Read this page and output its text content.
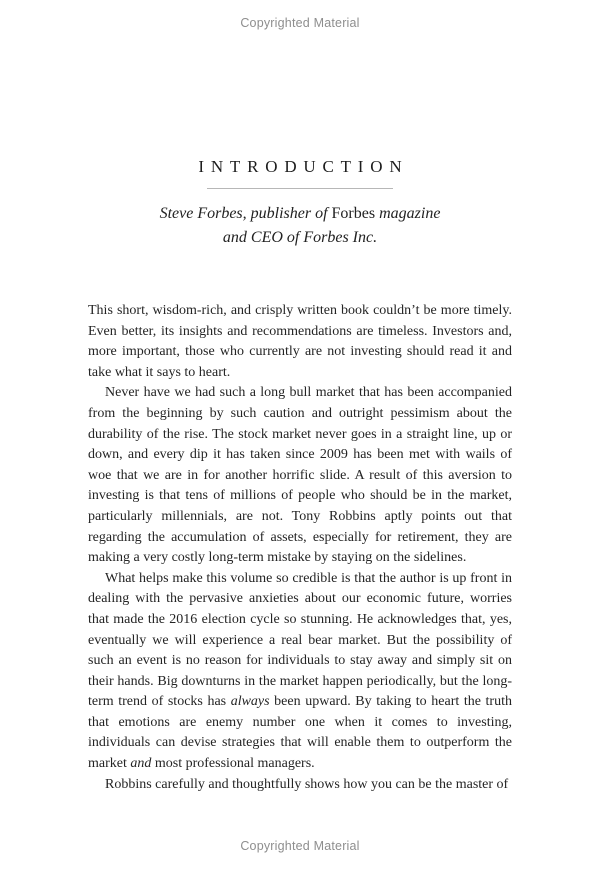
Copyrighted Material
INTRODUCTION
Steve Forbes, publisher of Forbes magazine
and CEO of Forbes Inc.

This short, wisdom-rich, and crisply written book couldn’t be more timely. Even better, its insights and recommendations are timeless. Investors and, more important, those who currently are not investing should read it and take what it says to heart.

Never have we had such a long bull market that has been accompanied from the beginning by such caution and outright pessimism about the durability of the rise. The stock market never goes in a straight line, up or down, and every dip it has taken since 2009 has been met with wails of woe that we are in for another horrific slide. A result of this aversion to investing is that tens of millions of people who should be in the market, particularly millennials, are not. Tony Robbins aptly points out that regarding the accumulation of assets, especially for retirement, they are making a very costly long-term mistake by staying on the sidelines.

What helps make this volume so credible is that the author is up front in dealing with the pervasive anxieties about our economic future, worries that made the 2016 election cycle so stunning. He acknowledges that, yes, eventually we will experience a real bear market. But the possibility of such an event is no reason for individuals to stay away and simply sit on their hands. Big downturns in the market happen periodically, but the long-term trend of stocks has always been upward. By taking to heart the truth that emotions are enemy number one when it comes to investing, individuals can devise strategies that will enable them to outperform the market and most professional managers.

Robbins carefully and thoughtfully shows how you can be the master of

Copyrighted Material
